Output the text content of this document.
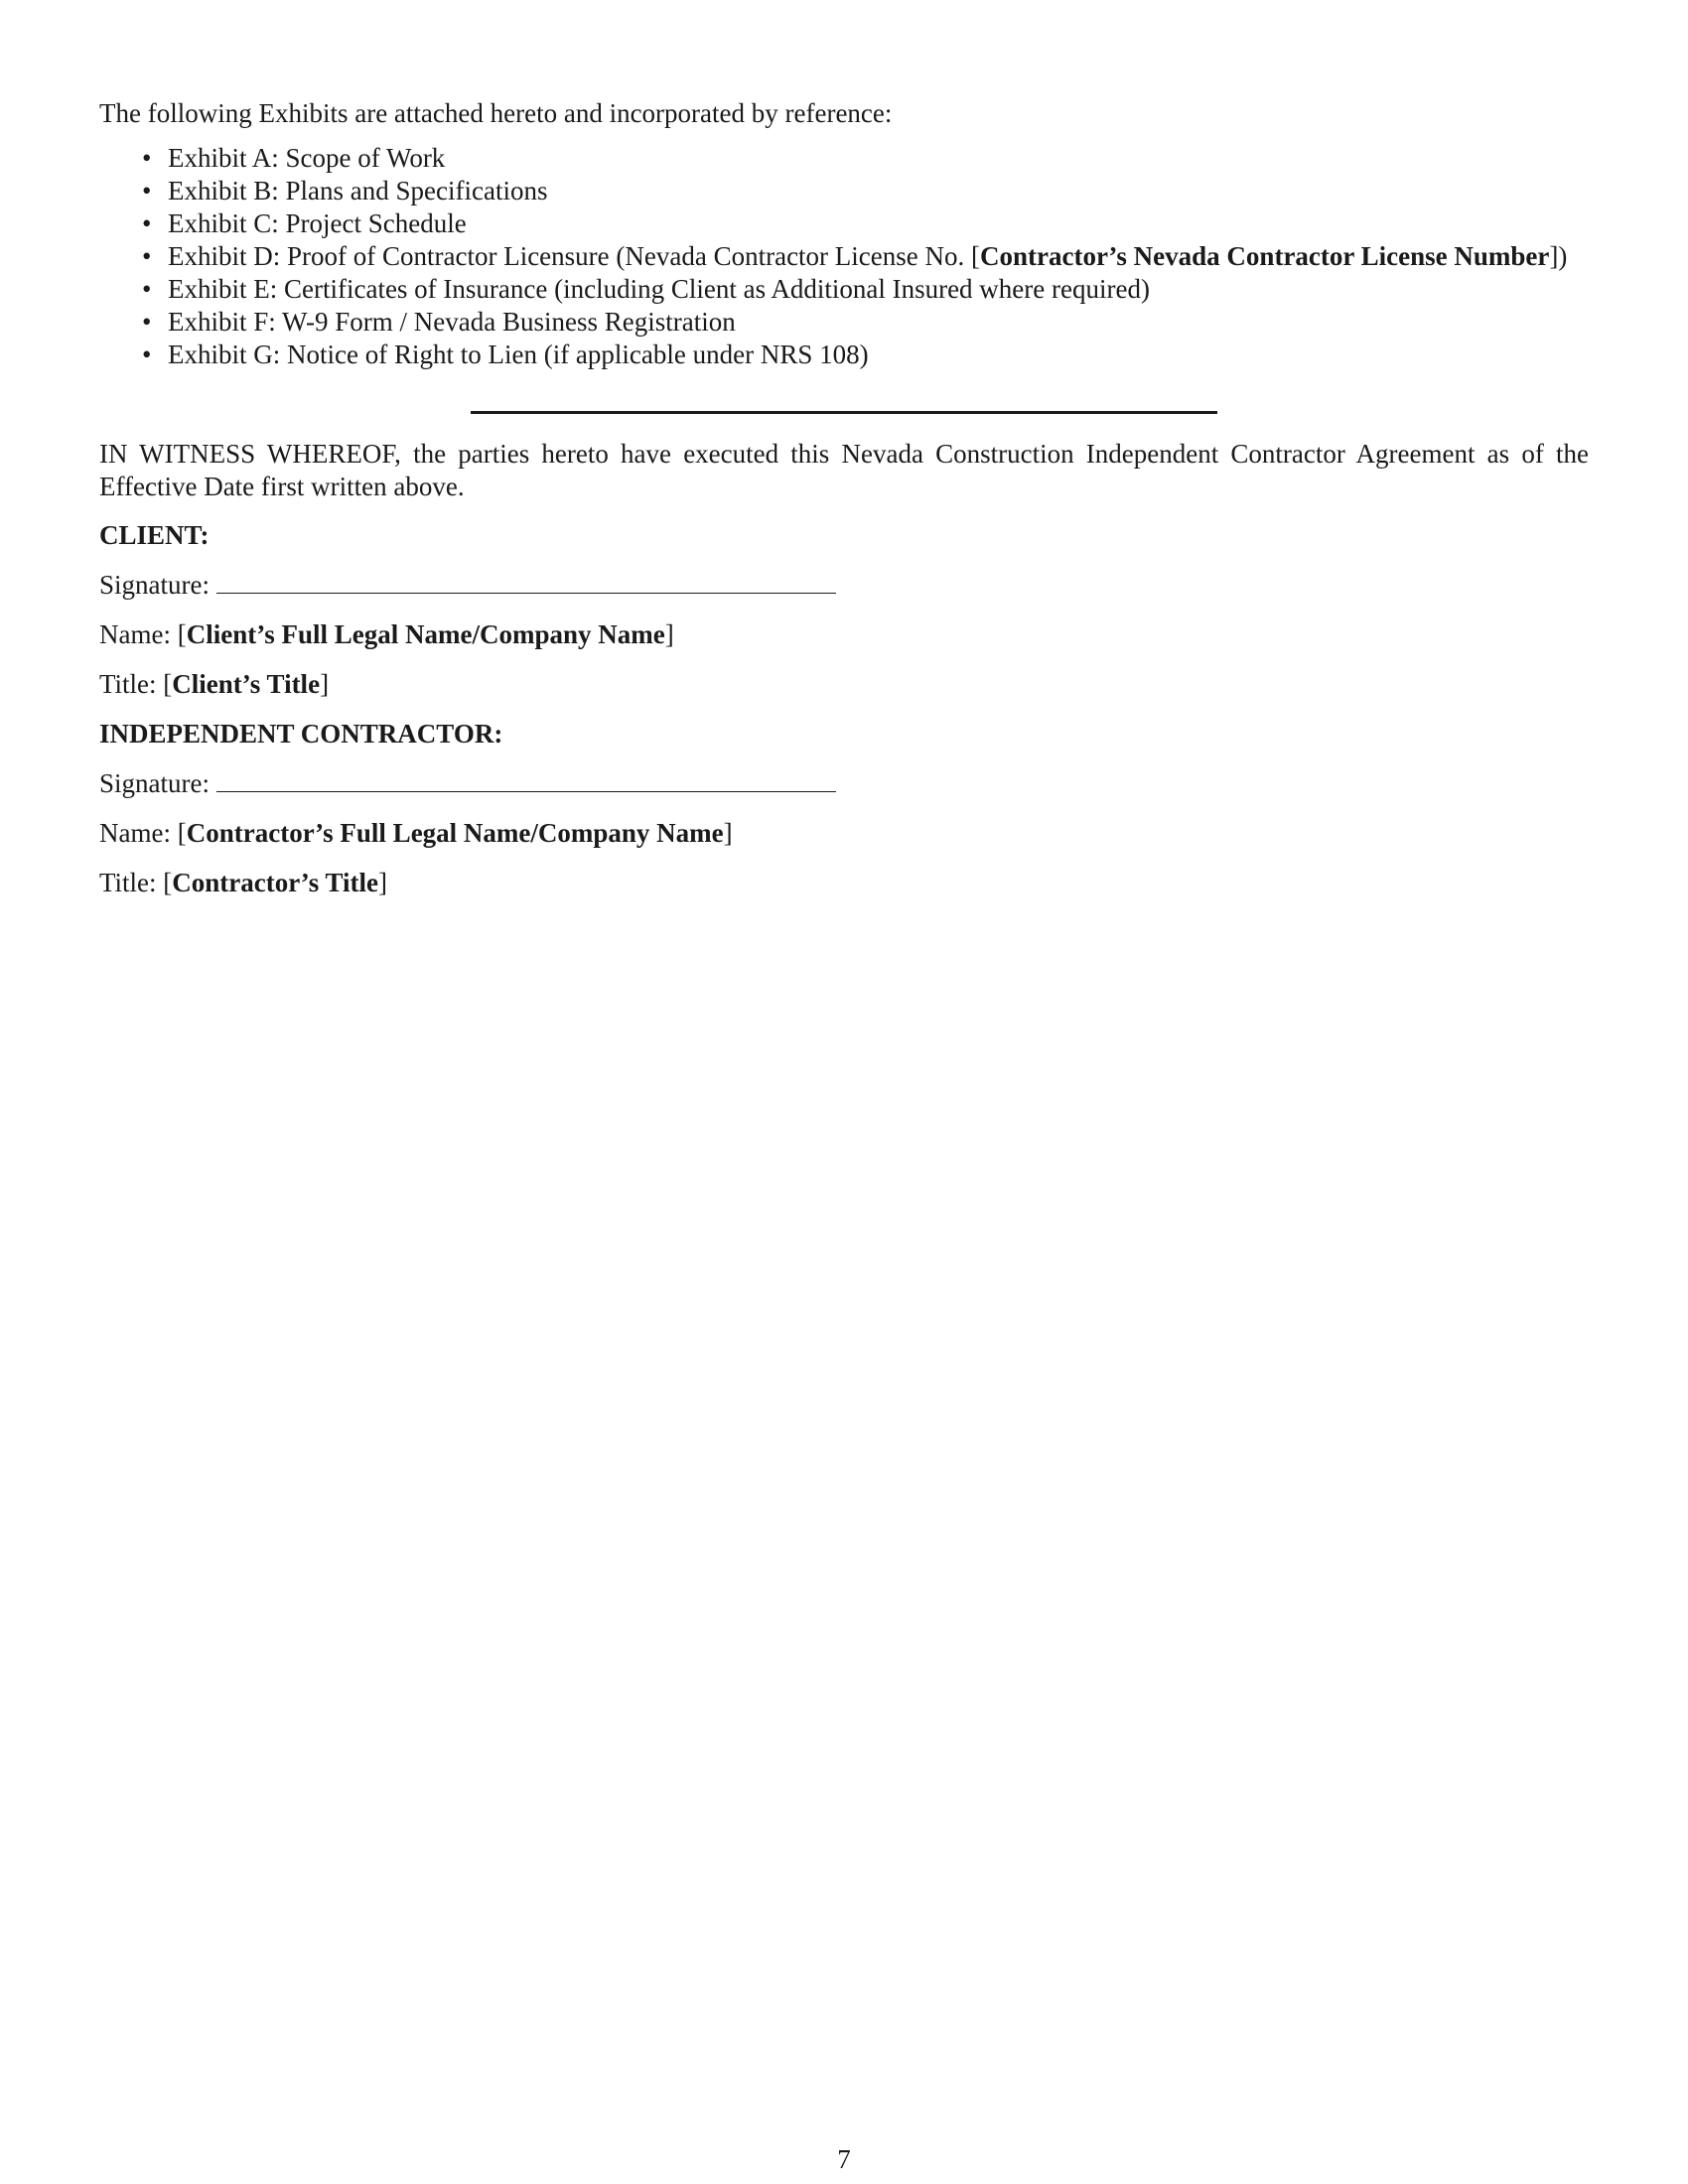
The following Exhibits are attached hereto and incorporated by reference:

• Exhibit A: Scope of Work
• Exhibit B: Plans and Specifications
• Exhibit C: Project Schedule
• Exhibit D: Proof of Contractor Licensure (Nevada Contractor License No. [Contractor’s Nevada Contractor License Number])
• Exhibit E: Certificates of Insurance (including Client as Additional Insured where required)
• Exhibit F: W-9 Form / Nevada Business Registration
• Exhibit G: Notice of Right to Lien (if applicable under NRS 108)

IN WITNESS WHEREOF, the parties hereto have executed this Nevada Construction Independent Contractor Agreement as of the Effective Date first written above.

CLIENT:

Signature:

Name: [Client’s Full Legal Name/Company Name]

Title: [Client’s Title]

INDEPENDENT CONTRACTOR:

Signature:

Name: [Contractor’s Full Legal Name/Company Name]

Title: [Contractor’s Title]

7
